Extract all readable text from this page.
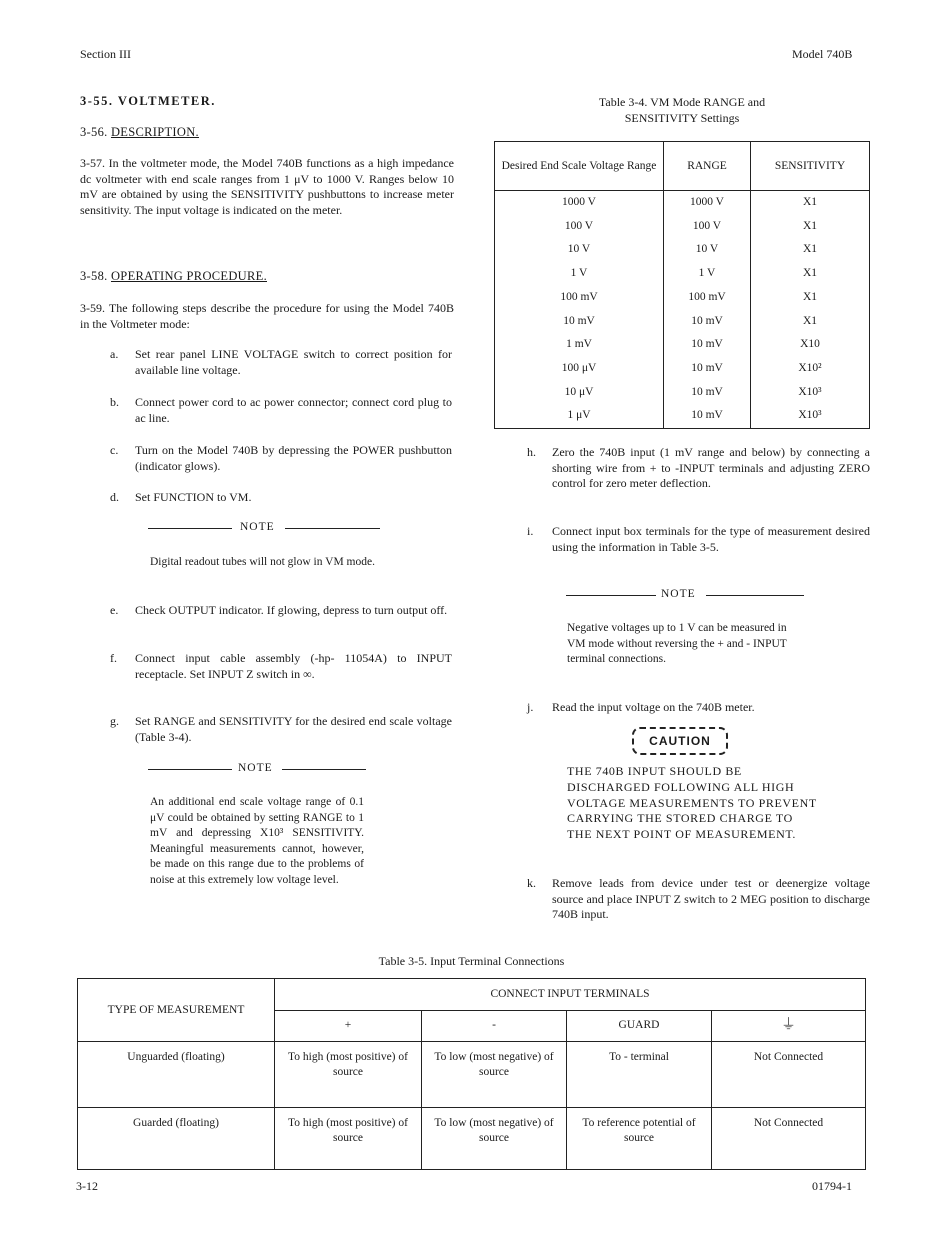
Section III	Model 740B
3-12	01794-1
3-55. VOLTMETER.
3-56. DESCRIPTION.
3-57. In the voltmeter mode, the Model 740B functions as a high impedance dc voltmeter with end scale ranges from 1 μV to 1000 V. Ranges below 10 mV are obtained by using the SENSITIVITY pushbuttons to increase meter sensitivity. The input voltage is indicated on the meter.
3-58. OPERATING PROCEDURE.
3-59. The following steps describe the procedure for using the Model 740B in the Voltmeter mode:
a. Set rear panel LINE VOLTAGE switch to correct position for available line voltage.
b. Connect power cord to ac power connector; connect cord plug to ac line.
c. Turn on the Model 740B by depressing the POWER pushbutton (indicator glows).
d. Set FUNCTION to VM.
NOTE
Digital readout tubes will not glow in VM mode.
e. Check OUTPUT indicator. If glowing, depress to turn output off.
f. Connect input cable assembly (-hp- 11054A) to INPUT receptacle. Set INPUT Z switch in ∞.
g. Set RANGE and SENSITIVITY for the desired end scale voltage (Table 3-4).
NOTE
An additional end scale voltage range of 0.1 μV could be obtained by setting RANGE to 1 mV and depressing X10³ SENSITIVITY. Meaningful measurements cannot, however, be made on this range due to the problems of noise at this extremely low voltage level.
Table 3-4. VM Mode RANGE and
SENSITIVITY Settings
Desired End Scale Voltage Range	RANGE	SENSITIVITY
1000 V	1000 V	X1
100 V	100 V	X1
10 V	10 V	X1
1 V	1 V	X1
100 mV	100 mV	X1
10 mV	10 mV	X1
1 mV	10 mV	X10
100 μV	10 mV	X10²
10 μV	10 mV	X10³
1 μV	10 mV	X10³
h. Zero the 740B input (1 mV range and below) by connecting a shorting wire from + to -INPUT terminals and adjusting ZERO control for zero meter deflection.
i. Connect input box terminals for the type of measurement desired using the information in Table 3-5.
NOTE
Negative voltages up to 1 V can be measured in VM mode without reversing the + and - INPUT terminal connections.
j. Read the input voltage on the 740B meter.
CAUTION
THE 740B INPUT SHOULD BE DISCHARGED FOLLOWING ALL HIGH VOLTAGE MEASUREMENTS TO PREVENT CARRYING THE STORED CHARGE TO THE NEXT POINT OF MEASUREMENT.
k. Remove leads from device under test or deenergize voltage source and place INPUT Z switch to 2 MEG position to discharge 740B input.
Table 3-5. Input Terminal Connections
TYPE OF MEASUREMENT	CONNECT INPUT TERMINALS			
	+	-	GUARD	⏚
Unguarded (floating)	To high (most positive) of source	To low (most negative) of source	To - terminal	Not Connected
Guarded (floating)	To high (most positive) of source	To low (most negative) of source	To reference potential of source	Not Connected
